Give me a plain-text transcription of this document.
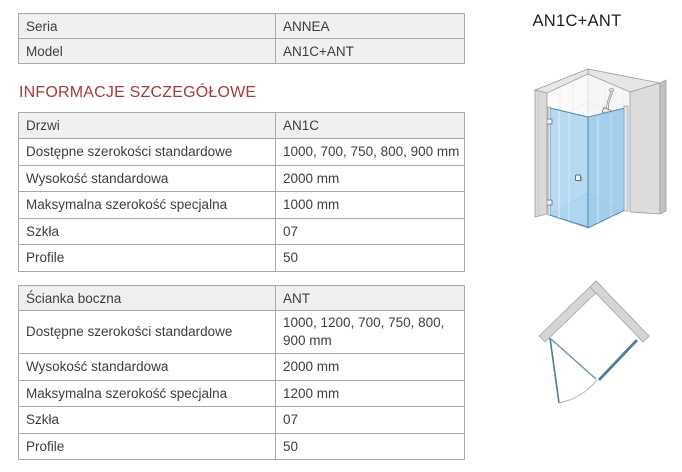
Seria	ANNEA
Model	AN1C+ANT
INFORMACJE SZCZEGÓŁOWE
Drzwi	AN1C
Dostępne szerokości standardowe	1000, 700, 750, 800, 900 mm
Wysokość standardowa	2000 mm
Maksymalna szerokość specjalna	1000 mm
Szkła	07
Profile	50
Ścianka boczna	ANT
Dostępne szerokości standardowe	1000, 1200, 700, 750, 800, 900 mm
Wysokość standardowa	2000 mm
Maksymalna szerokość specjalna	1200 mm
Szkła	07
Profile	50
AN1C+ANT
